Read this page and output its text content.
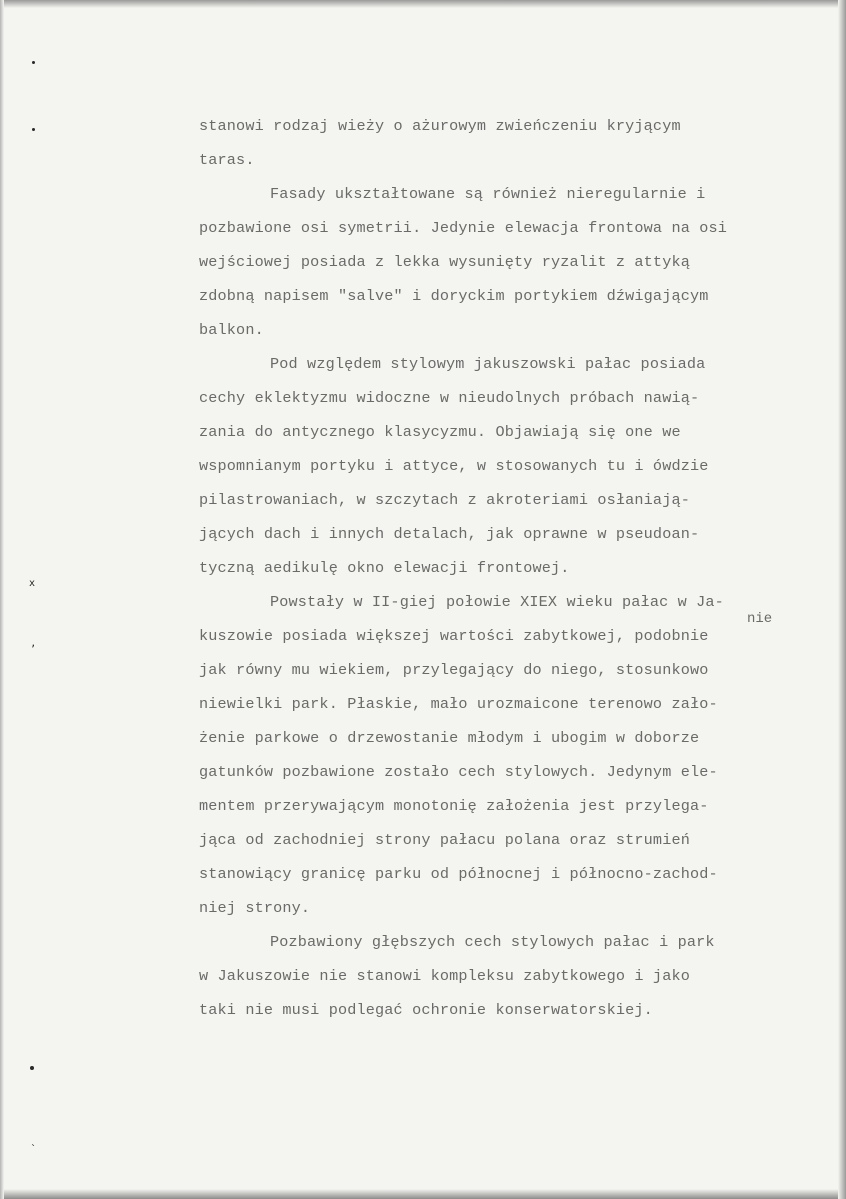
x
ʼ
ˎ

stanowi rodzaj wieży o ażurowym zwieńczeniu kryjącym

taras.

Fasady ukształtowane są również nieregularnie i

pozbawione osi symetrii. Jedynie elewacja frontowa na osi

wejściowej posiada z lekka wysunięty ryzalit z attyką

zdobną napisem "salve" i doryckim portykiem dźwigającym

balkon.

Pod względem stylowym jakuszowski pałac posiada

cechy eklektyzmu widoczne w nieudolnych próbach nawią-

zania do antycznego klasycyzmu. Objawiają się one we

wspomnianym portyku i attyce, w stosowanych tu i ówdzie

pilastrowaniach, w szczytach z akroteriami osłaniają-

jących dach i innych detalach, jak oprawne w pseudoan-

tyczną aedikulę okno elewacji frontowej.

Powstały w II-giej połowie XIEX wieku pałac w Ja-

kuszowie posiada większej wartości zabytkowej, podobnie

jak równy mu wiekiem, przylegający do niego, stosunkowo

niewielki park. Płaskie, mało urozmaicone terenowo zało-

żenie parkowe o drzewostanie młodym i ubogim w doborze

gatunków pozbawione zostało cech stylowych. Jedynym ele-

mentem przerywającym monotonię założenia jest przylega-

jąca od zachodniej strony pałacu polana oraz strumień

stanowiący granicę parku od północnej i północno-zachod-

niej strony.

Pozbawiony głębszych cech stylowych pałac i park

w Jakuszowie nie stanowi kompleksu zabytkowego i jako

taki nie musi podlegać ochronie konserwatorskiej.

nie
